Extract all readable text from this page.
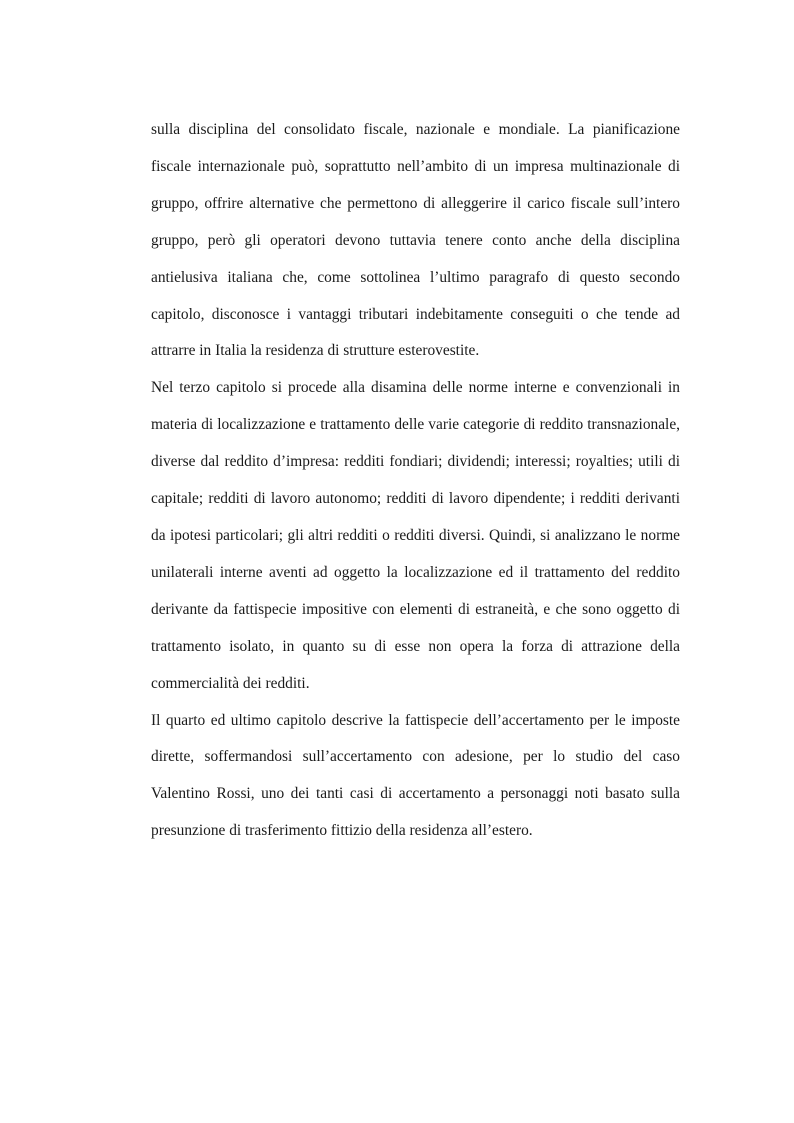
sulla disciplina del consolidato fiscale, nazionale e mondiale. La pianificazione fiscale internazionale può, soprattutto nell’ambito di un impresa multinazionale di gruppo, offrire alternative che permettono di alleggerire il carico fiscale sull’intero gruppo, però gli operatori devono tuttavia tenere conto anche della disciplina antielusiva italiana che, come sottolinea l’ultimo paragrafo di questo secondo capitolo, disconosce i vantaggi tributari indebitamente conseguiti o che tende ad attrarre in Italia la residenza di strutture esterovestite.

Nel terzo capitolo si procede alla disamina delle norme interne e convenzionali in materia di localizzazione e trattamento delle varie categorie di reddito transnazionale, diverse dal reddito d’impresa: redditi fondiari; dividendi; interessi; royalties; utili di capitale; redditi di lavoro autonomo; redditi di lavoro dipendente; i redditi derivanti da ipotesi particolari; gli altri redditi o redditi diversi. Quindi, si analizzano le norme unilaterali interne aventi ad oggetto la localizzazione ed il trattamento del reddito derivante da fattispecie impositive con elementi di estraneità, e che sono oggetto di trattamento isolato, in quanto su di esse non opera la forza di attrazione della commercialità dei redditi.

Il quarto ed ultimo capitolo descrive la fattispecie dell’accertamento per le imposte dirette, soffermandosi sull’accertamento con adesione, per lo studio del caso Valentino Rossi, uno dei tanti casi di accertamento a personaggi noti basato sulla presunzione di trasferimento fittizio della residenza all’estero.
